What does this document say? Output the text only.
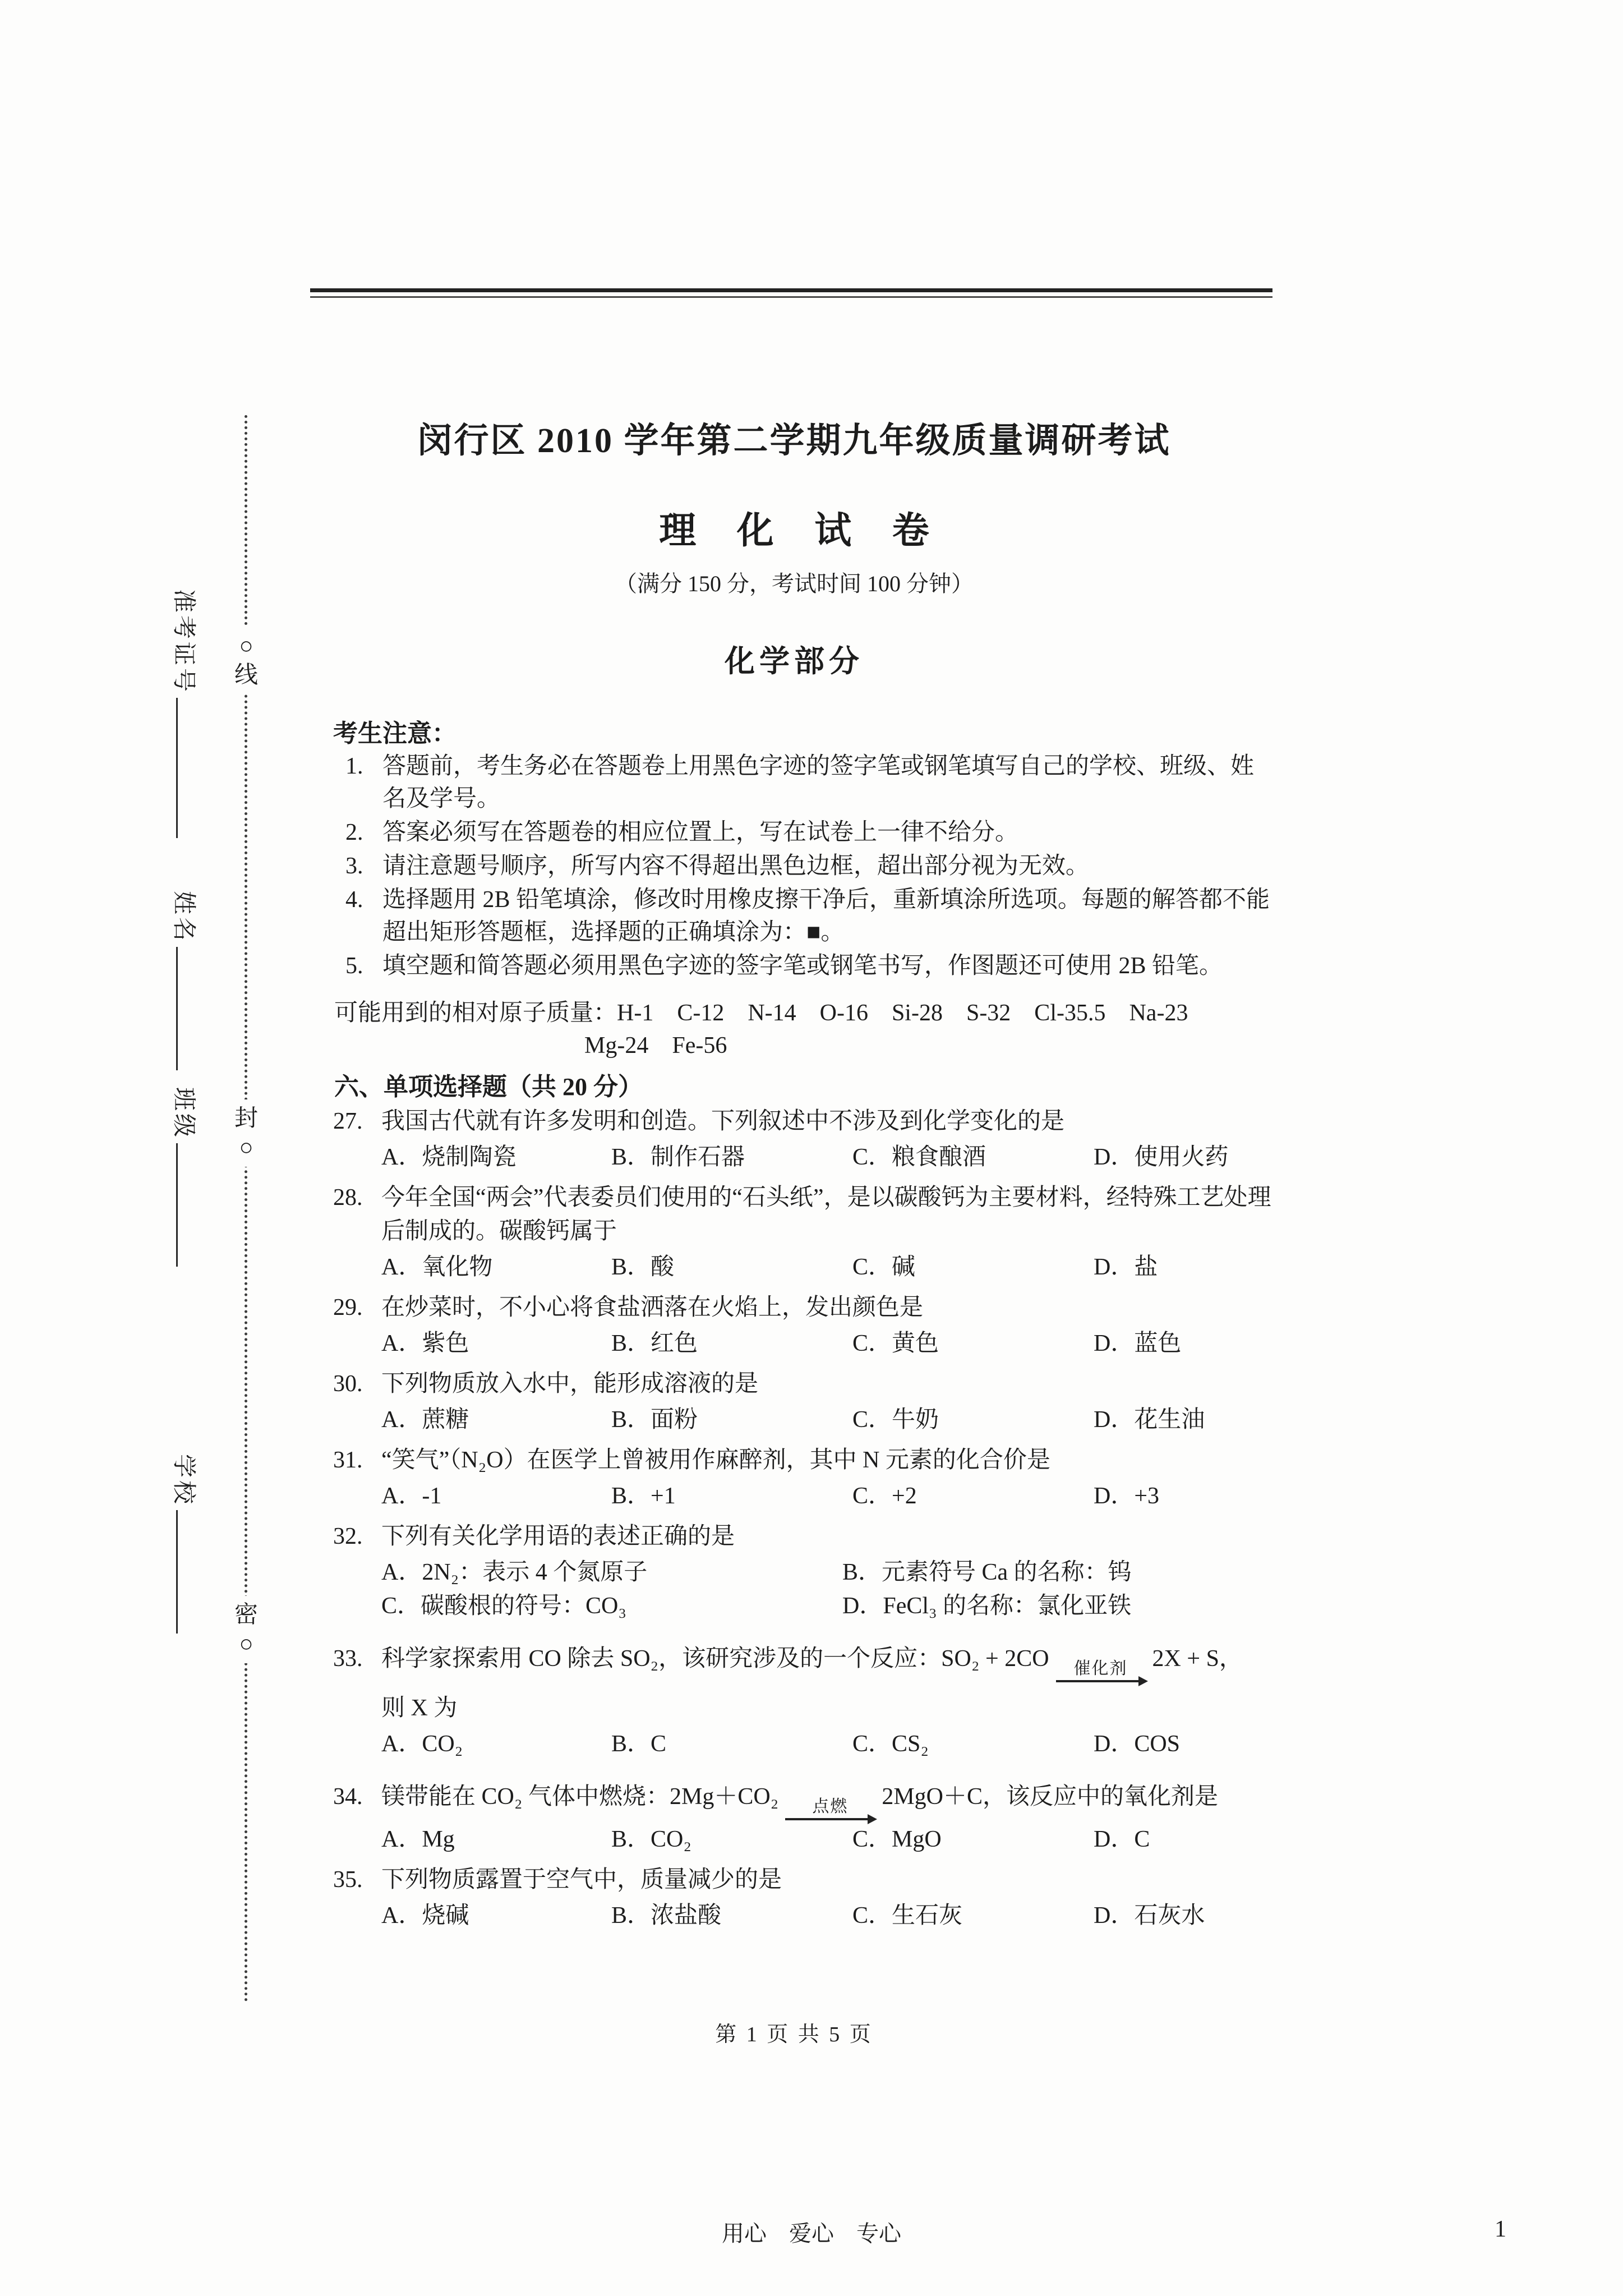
○
线
封
○
密
○
准考证号
姓名
班级
学校
闵行区 2010 学年第二学期九年级质量调研考试
理 化 试 卷
（满分 150 分，考试时间 100 分钟）
化学部分
考生注意：
1. 答题前，考生务必在答题卷上用黑色字迹的签字笔或钢笔填写自己的学校、班级、姓名及学号。
2. 答案必须写在答题卷的相应位置上，写在试卷上一律不给分。
3. 请注意题号顺序，所写内容不得超出黑色边框，超出部分视为无效。
4. 选择题用 2B 铅笔填涂，修改时用橡皮擦干净后，重新填涂所选项。每题的解答都不能超出矩形答题框，选择题的正确填涂为：■。
5. 填空题和简答题必须用黑色字迹的签字笔或钢笔书写，作图题还可使用 2B 铅笔。
可能用到的相对原子质量：H-1　C-12　N-14　O-16　Si-28　S-32　Cl-35.5　Na-23
Mg-24　Fe-56
六、单项选择题（共 20 分）
27. 我国古代就有许多发明和创造。下列叙述中不涉及到化学变化的是
A．烧制陶瓷	B．制作石器	C．粮食酿酒	D．使用火药
28. 今年全国“两会”代表委员们使用的“石头纸”，是以碳酸钙为主要材料，经特殊工艺处理后制成的。碳酸钙属于
A．氧化物	B．酸	C．碱	D．盐
29. 在炒菜时，不小心将食盐洒落在火焰上，发出颜色是
A．紫色	B．红色	C．黄色	D．蓝色
30. 下列物质放入水中，能形成溶液的是
A．蔗糖	B．面粉	C．牛奶	D．花生油
31. “笑气”（N₂O）在医学上曾被用作麻醉剂，其中 N 元素的化合价是
A．-1	B．+1	C．+2	D．+3
32. 下列有关化学用语的表述正确的是
A．2N₂：表示 4 个氮原子	B．元素符号 Ca 的名称：钨
C．碳酸根的符号：CO₃	D．FeCl₃ 的名称：氯化亚铁
33. 科学家探索用 CO 除去 SO₂，该研究涉及的一个反应：SO₂ + 2CO 催化剂 2X + S，
则 X 为
A．CO₂	B．C	C．CS₂	D．COS
34. 镁带能在 CO₂ 气体中燃烧：2Mg＋CO₂ 点燃 2MgO＋C，该反应中的氧化剂是
A．Mg	B．CO₂	C．MgO	D．C
35. 下列物质露置于空气中，质量减少的是
A．烧碱	B．浓盐酸	C．生石灰	D．石灰水
第 1 页 共 5 页
用心　爱心　专心	1
